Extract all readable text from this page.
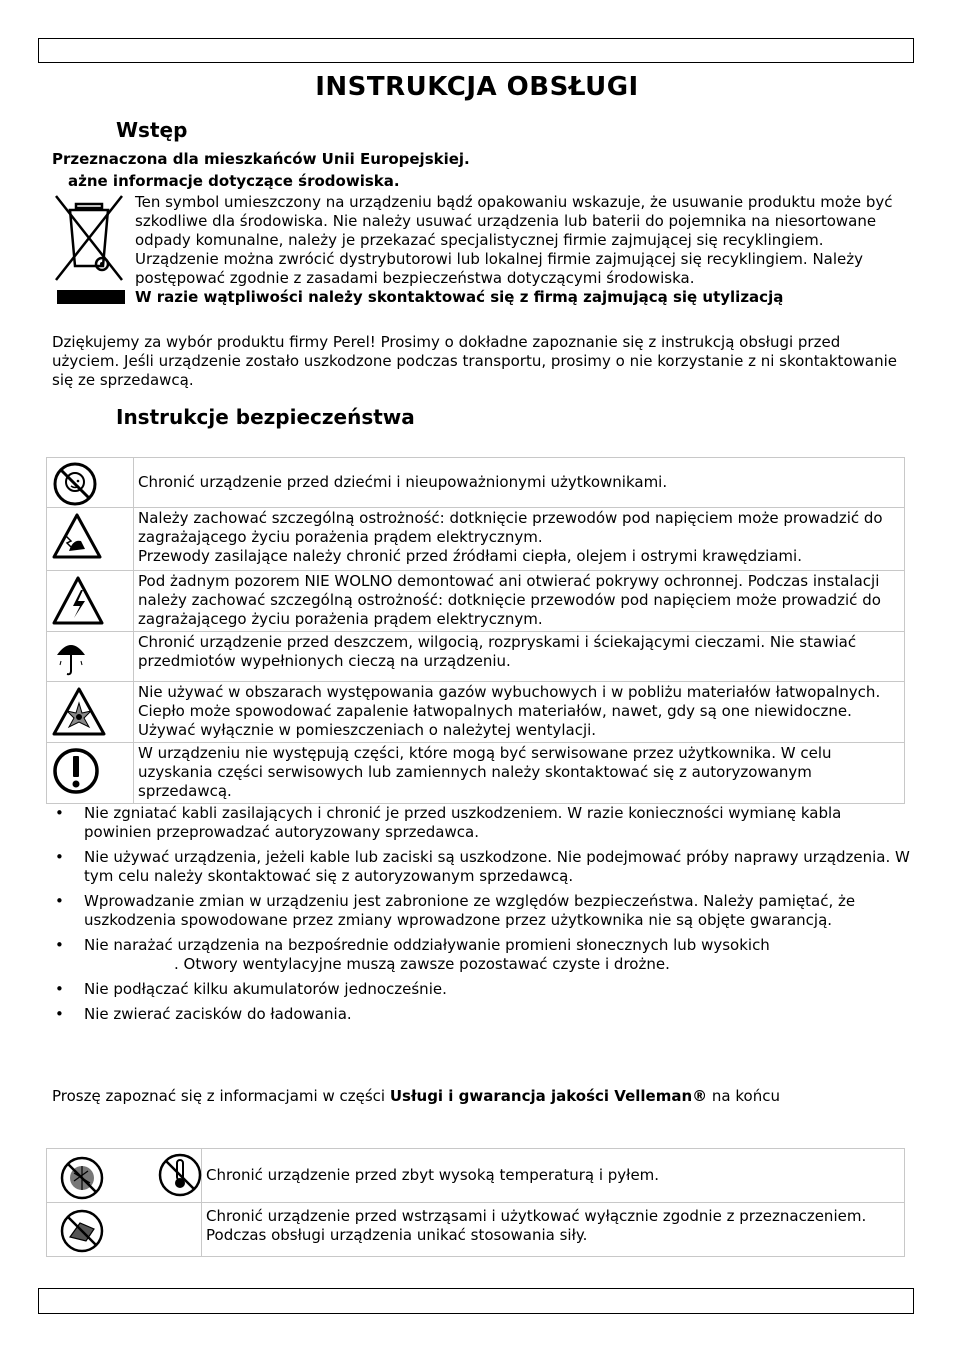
INSTRUKCJA OBSŁUGI
Wstęp
Przeznaczona dla mieszkańców Unii Europejskiej.
ażne informacje dotyczące środowiska.
Ten symbol umieszczony na urządzeniu bądź opakowaniu wskazuje, że usuwanie produktu może być szkodliwe dla środowiska. Nie należy usuwać urządzenia lub baterii do pojemnika na niesortowane odpady komunalne, należy je przekazać specjalistycznej firmie zajmującej się recyklingiem. Urządzenie można zwrócić dystrybutorowi lub lokalnej firmie zajmującej się recyklingiem. Należy postępować zgodnie z zasadami bezpieczeństwa dotyczącymi środowiska.
W razie wątpliwości należy skontaktować się z firmą zajmującą się utylizacją
Dziękujemy za wybór produktu firmy Perel! Prosimy o dokładne zapoznanie się z instrukcją obsługi przed użyciem. Jeśli urządzenie zostało uszkodzone podczas transportu, prosimy o nie korzystanie z ni skontaktowanie się ze sprzedawcą.
Instrukcje bezpieczeństwa
	Chronić urządzenie przed dziećmi i nieupoważnionymi użytkownikami.

Należy zachować szczególną ostrożność: dotknięcie przewodów pod napięciem może prowadzić do zagrażającego życiu porażenia prądem elektrycznym.
Przewody zasilające należy chronić przed źródłami ciepła, olejem i ostrymi krawędziami.

	Pod żadnym pozorem NIE WOLNO demontować ani otwierać pokrywy ochronnej. Podczas instalacji należy zachować szczególną ostrożność: dotknięcie przewodów pod napięciem może prowadzić do zagrażającego życiu porażenia prądem elektrycznym.

	Chronić urządzenie przed deszczem, wilgocią, rozpryskami i ściekającymi cieczami. Nie stawiać przedmiotów wypełnionych cieczą na urządzeniu.

	Nie używać w obszarach występowania gazów wybuchowych i w pobliżu materiałów łatwopalnych. Ciepło może spowodować zapalenie łatwopalnych materiałów, nawet, gdy są one niewidoczne. Używać wyłącznie w pomieszczeniach o należytej wentylacji.

	W urządzeniu nie występują części, które mogą być serwisowane przez użytkownika. W celu uzyskania części serwisowych lub zamiennych należy skontaktować się z autoryzowanym sprzedawcą.
• Nie zgniatać kabli zasilających i chronić je przed uszkodzeniem. W razie konieczności wymianę kabla powinien przeprowadzać autoryzowany sprzedawca.
• Nie używać urządzenia, jeżeli kable lub zaciski są uszkodzone. Nie podejmować próby naprawy urządzenia. W tym celu należy skontaktować się z autoryzowanym sprzedawcą.
• Wprowadzanie zmian w urządzeniu jest zabronione ze względów bezpieczeństwa. Należy pamiętać, że uszkodzenia spowodowane przez zmiany wprowadzone przez użytkownika nie są objęte gwarancją.
• Nie narażać urządzenia na bezpośrednie oddziaływanie promieni słonecznych lub wysokich
. Otwory wentylacyjne muszą zawsze pozostawać czyste i drożne.
• Nie podłączać kilku akumulatorów jednocześnie.
• Nie zwierać zacisków do ładowania.
Proszę zapoznać się z informacjami w części Usługi i gwarancja jakości Velleman® na końcu
	Chronić urządzenie przed zbyt wysoką temperaturą i pyłem.

	Chronić urządzenie przed wstrząsami i użytkować wyłącznie zgodnie z przeznaczeniem. Podczas obsługi urządzenia unikać stosowania siły.
